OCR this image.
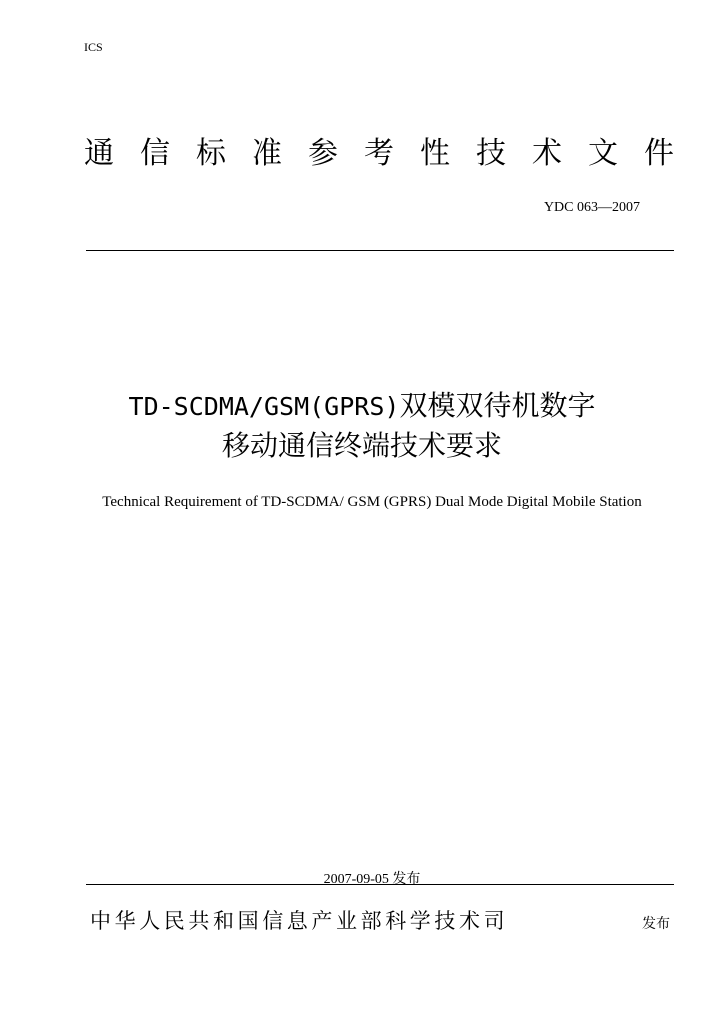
ICS
通 信 标 准 参 考 性 技 术 文 件
YDC 063—2007
TD-SCDMA/GSM(GPRS)双模双待机数字
移动通信终端技术要求
Technical Requirement of TD-SCDMA/ GSM (GPRS) Dual Mode Digital Mobile Station
2007-09-05 发布
中华人民共和国信息产业部科学技术司	发布
